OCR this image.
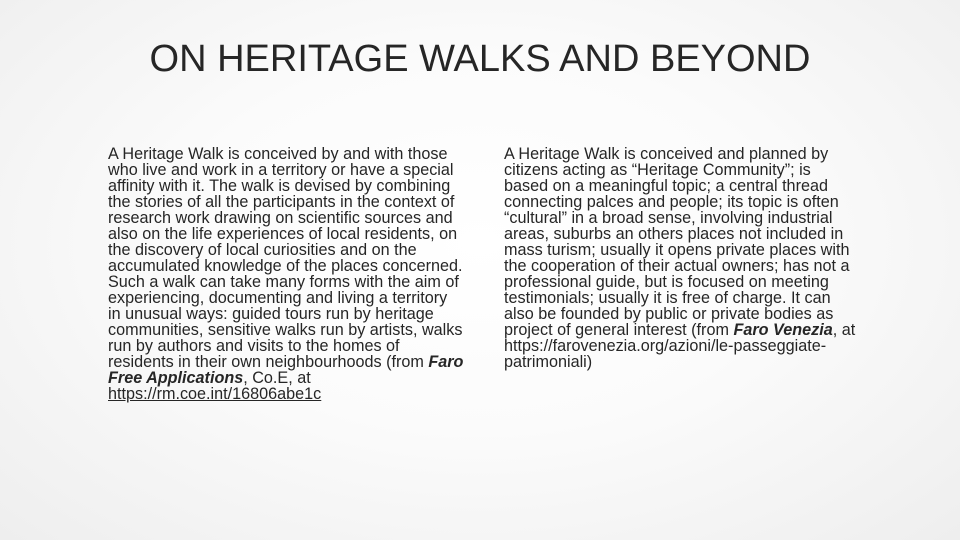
ON HERITAGE WALKS AND BEYOND

A Heritage Walk is conceived by and with those who live and work in a territory or have a special affinity with it. The walk is devised by combining the stories of all the participants in the context of research work drawing on scientific sources and also on the life experiences of local residents, on the discovery of local curiosities and on the accumulated knowledge of the places concerned. Such a walk can take many forms with the aim of experiencing, documenting and living a territory in unusual ways: guided tours run by heritage communities, sensitive walks run by artists, walks run by authors and visits to the homes of residents in their own neighbourhoods (from Faro Free Applications, Co.E, at
https://rm.coe.int/16806abe1c

A Heritage Walk is conceived and planned by citizens acting as “Heritage Community”; is based on a meaningful topic; a central thread connecting palces and people; its topic is often “cultural” in a broad sense, involving industrial areas, suburbs an others places not included in mass turism; usually it opens private places with the cooperation of their actual owners; has not a professional guide, but is focused on meeting testimonials; usually it is free of charge. It can also be founded by public or private bodies as project of general interest (from Faro Venezia, at
https://farovenezia.org/azioni/le-passeggiate-patrimoniali)
